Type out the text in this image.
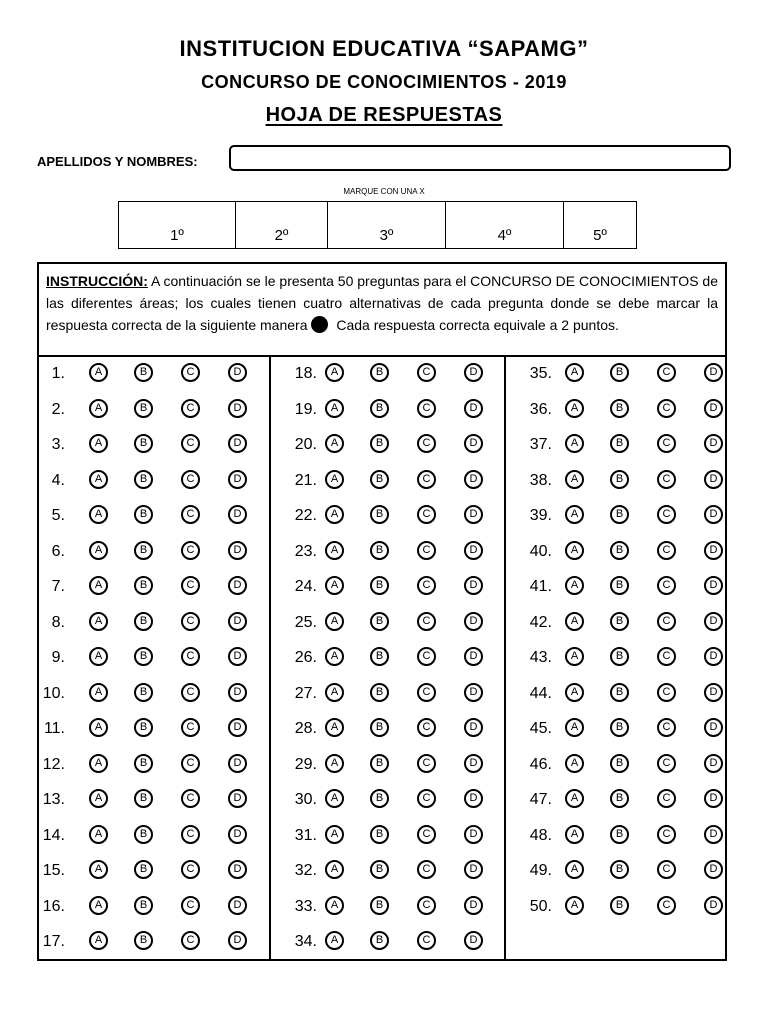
INSTITUCION EDUCATIVA “SAPAMG”
CONCURSO DE CONOCIMIENTOS - 2019
HOJA DE RESPUESTAS
APELLIDOS Y NOMBRES:
MARQUE CON UNA X
1º	2º	3º	4º	5º
INSTRUCCIÓN: A continuación se le presenta 50 preguntas para el CONCURSO DE CONOCIMIENTOS de las diferentes áreas; los cuales tienen cuatro alternativas de cada pregunta donde se debe marcar la respuesta correcta de la siguiente manera Cada respuesta correcta equivale a 2 puntos.
1.	A	B	C	D
2.	A	B	C	D
3.	A	B	C	D
4.	A	B	C	D
5.	A	B	C	D
6.	A	B	C	D
7.	A	B	C	D
8.	A	B	C	D
9.	A	B	C	D
10.	A	B	C	D
11.	A	B	C	D
12.	A	B	C	D
13.	A	B	C	D
14.	A	B	C	D
15.	A	B	C	D
16.	A	B	C	D
17.	A	B	C	D
18.	A	B	C	D
19.	A	B	C	D
20.	A	B	C	D
21.	A	B	C	D
22.	A	B	C	D
23.	A	B	C	D
24.	A	B	C	D
25.	A	B	C	D
26.	A	B	C	D
27.	A	B	C	D
28.	A	B	C	D
29.	A	B	C	D
30.	A	B	C	D
31.	A	B	C	D
32.	A	B	C	D
33.	A	B	C	D
34.	A	B	C	D
35.	A	B	C	D
36.	A	B	C	D
37.	A	B	C	D
38.	A	B	C	D
39.	A	B	C	D
40.	A	B	C	D
41.	A	B	C	D
42.	A	B	C	D
43.	A	B	C	D
44.	A	B	C	D
45.	A	B	C	D
46.	A	B	C	D
47.	A	B	C	D
48.	A	B	C	D
49.	A	B	C	D
50.	A	B	C	D
